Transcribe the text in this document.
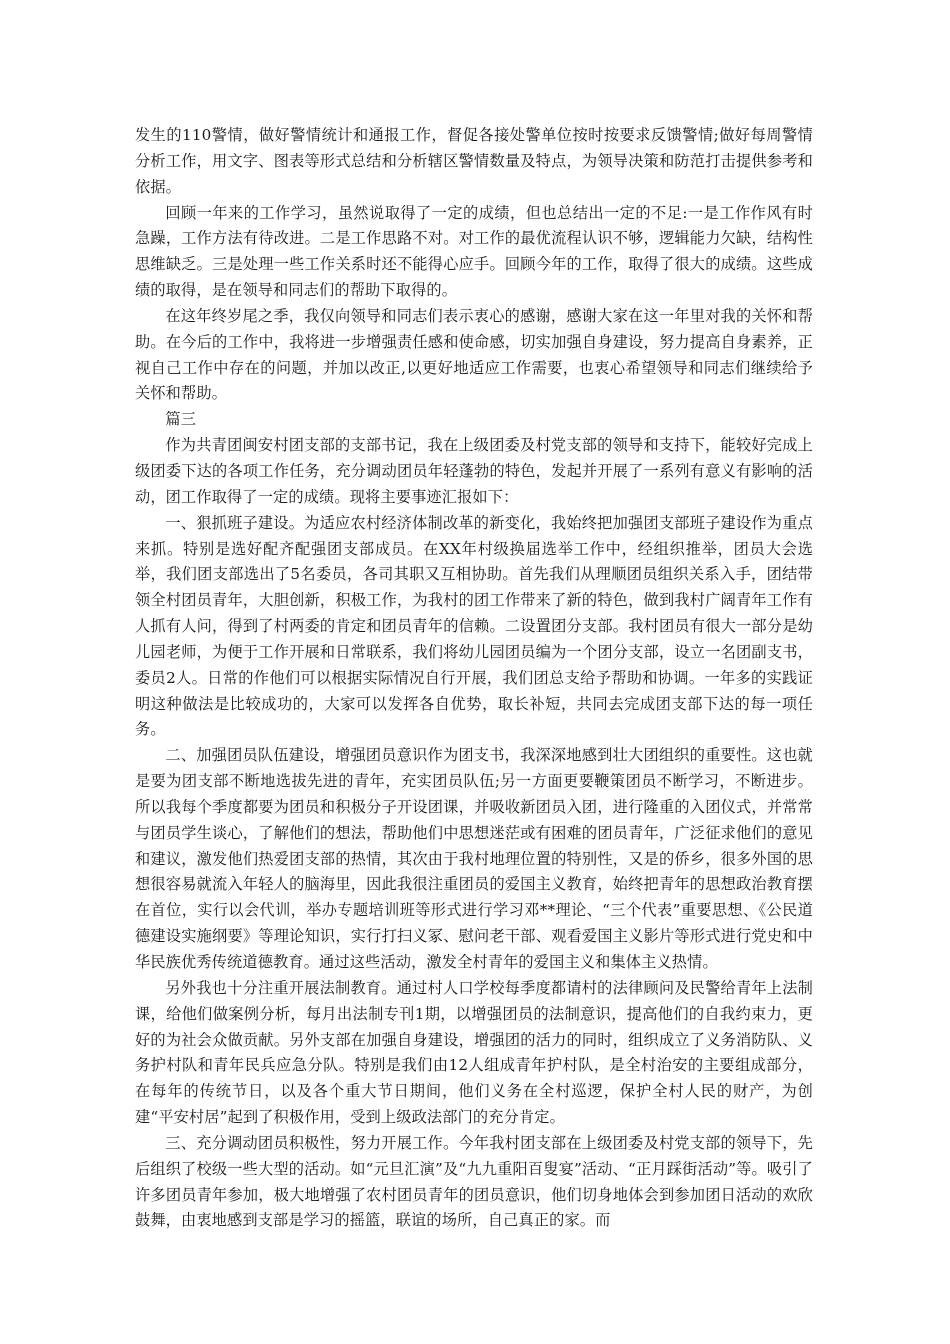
发生的110警情，做好警情统计和通报工作，督促各接处警单位按时按要求反馈警情;做好每周警情分析工作，用文字、图表等形式总结和分析辖区警情数量及特点，为领导决策和防范打击提供参考和依据。

回顾一年来的工作学习，虽然说取得了一定的成绩，但也总结出一定的不足:一是工作作风有时急躁，工作方法有待改进。二是工作思路不对。对工作的最优流程认识不够，逻辑能力欠缺，结构性思维缺乏。三是处理一些工作关系时还不能得心应手。回顾今年的工作，取得了很大的成绩。这些成绩的取得，是在领导和同志们的帮助下取得的。

在这年终岁尾之季，我仅向领导和同志们表示衷心的感谢，感谢大家在这一年里对我的关怀和帮助。在今后的工作中，我将进一步增强责任感和使命感，切实加强自身建设，努力提高自身素养，正视自己工作中存在的问题，并加以改正,以更好地适应工作需要，也衷心希望领导和同志们继续给予关怀和帮助。

篇三

作为共青团闽安村团支部的支部书记，我在上级团委及村党支部的领导和支持下，能较好完成上级团委下达的各项工作任务，充分调动团员年轻蓬勃的特色，发起并开展了一系列有意义有影响的活动，团工作取得了一定的成绩。现将主要事迹汇报如下：

一、狠抓班子建设。为适应农村经济体制改革的新变化，我始终把加强团支部班子建设作为重点来抓。特别是选好配齐配强团支部成员。在XX年村级换届选举工作中，经组织推举，团员大会选举，我们团支部选出了5名委员，各司其职又互相协助。首先我们从理顺团员组织关系入手，团结带领全村团员青年，大胆创新，积极工作，为我村的团工作带来了新的特色，做到我村广阔青年工作有人抓有人问，得到了村两委的肯定和团员青年的信赖。二设置团分支部。我村团员有很大一部分是幼儿园老师，为便于工作开展和日常联系，我们将幼儿园团员编为一个团分支部，设立一名团副支书，委员2人。日常的作他们可以根据实际情况自行开展，我们团总支给予帮助和协调。一年多的实践证明这种做法是比较成功的，大家可以发挥各自优势，取长补短，共同去完成团支部下达的每一项任务。

二、加强团员队伍建设，增强团员意识作为团支书，我深深地感到壮大团组织的重要性。这也就是要为团支部不断地选拔先进的青年，充实团员队伍;另一方面更要鞭策团员不断学习，不断进步。所以我每个季度都要为团员和积极分子开设团课，并吸收新团员入团，进行隆重的入团仪式，并常常与团员学生谈心，了解他们的想法，帮助他们中思想迷茫或有困难的团员青年，广泛征求他们的意见和建议，激发他们热爱团支部的热情，其次由于我村地理位置的特别性，又是的侨乡，很多外国的思想很容易就流入年轻人的脑海里，因此我很注重团员的爱国主义教育，始终把青年的思想政治教育摆在首位，实行以会代训，举办专题培训班等形式进行学习邓**理论、“三个代表”重要思想、《公民道德建设实施纲要》等理论知识，实行打扫义冢、慰问老干部、观看爱国主义影片等形式进行党史和中华民族优秀传统道德教育。通过这些活动，激发全村青年的爱国主义和集体主义热情。

另外我也十分注重开展法制教育。通过村人口学校每季度都请村的法律顾问及民警给青年上法制课，给他们做案例分析，每月出法制专刊1期，以增强团员的法制意识，提高他们的自我约束力，更好的为社会众做贡献。另外支部在加强自身建设，增强团的活力的同时，组织成立了义务消防队、义务护村队和青年民兵应急分队。特别是我们由12人组成青年护村队，是全村治安的主要组成部分，在每年的传统节日，以及各个重大节日期间，他们义务在全村巡逻，保护全村人民的财产，为创建“平安村居”起到了积极作用，受到上级政法部门的充分肯定。

三、充分调动团员积极性，努力开展工作。今年我村团支部在上级团委及村党支部的领导下，先后组织了校级一些大型的活动。如“元旦汇演”及“九九重阳百叟宴”活动、“正月踩街活动”等。吸引了许多团员青年参加，极大地增强了农村团员青年的团员意识，他们切身地体会到参加团日活动的欢欣鼓舞，由衷地感到支部是学习的摇篮，联谊的场所，自己真正的家。而
